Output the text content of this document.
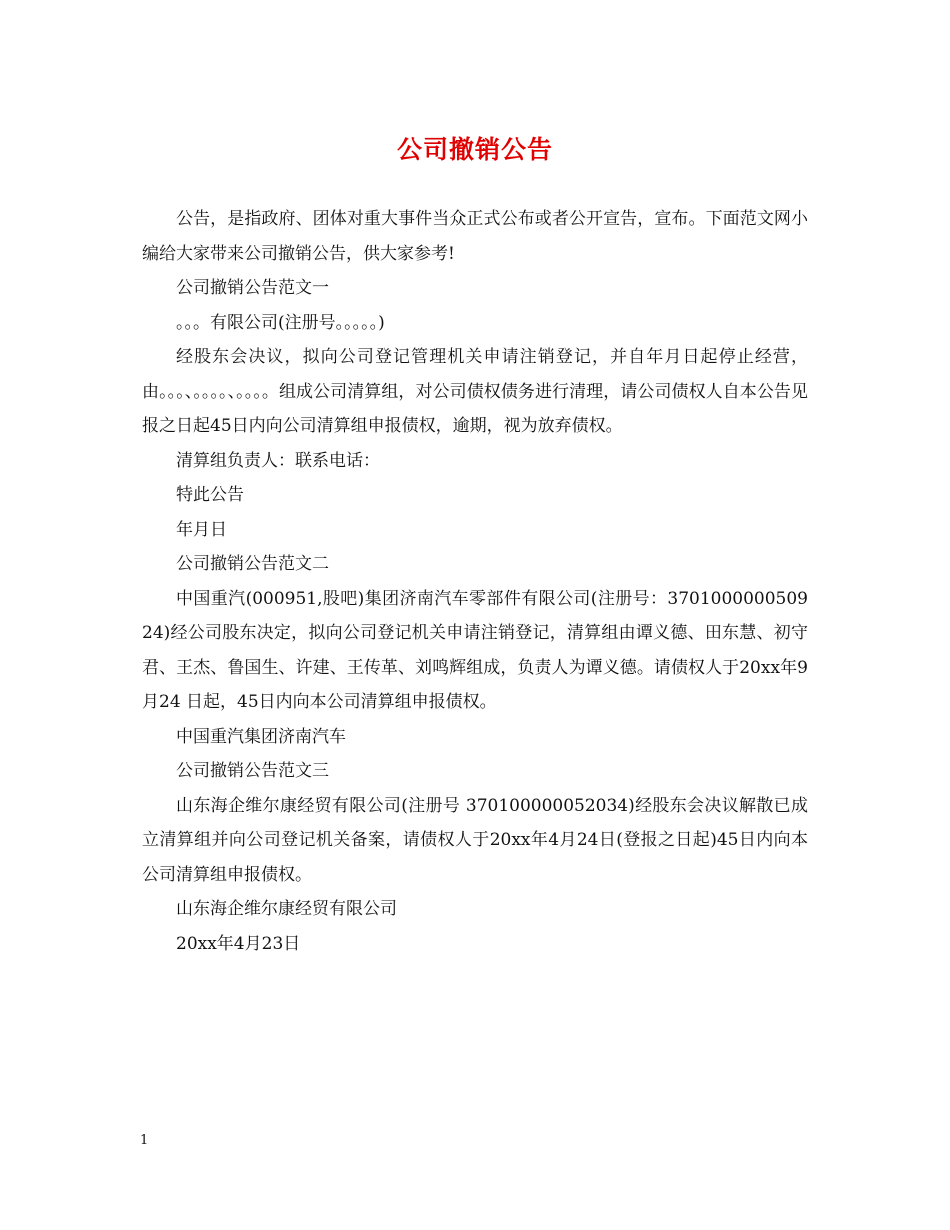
公司撤销公告

公告，是指政府、团体对重大事件当众正式公布或者公开宣告，宣布。下面范文网小编给大家带来公司撤销公告，供大家参考!

公司撤销公告范文一

。。。有限公司(注册号。。。。。)

经股东会决议，拟向公司登记管理机关申请注销登记，并自年月日起停止经营，由。。。、。。。。、。。。。组成公司清算组，对公司债权债务进行清理，请公司债权人自本公告见报之日起45日内向公司清算组申报债权，逾期，视为放弃债权。

清算组负责人：联系电话：

特此公告

年月日

公司撤销公告范文二

中国重汽(000951,股吧)集团济南汽车零部件有限公司(注册号：370100000050924)经公司股东决定，拟向公司登记机关申请注销登记，清算组由谭义德、田东慧、初守君、王杰、鲁国生、许建、王传革、刘鸣辉组成，负责人为谭义德。请债权人于20xx年9月24 日起，45日内向本公司清算组申报债权。

中国重汽集团济南汽车

公司撤销公告范文三

山东海企维尔康经贸有限公司(注册号 370100000052034)经股东会决议解散已成立清算组并向公司登记机关备案，请债权人于20xx年4月24日(登报之日起)45日内向本公司清算组申报债权。

山东海企维尔康经贸有限公司

20xx年4月23日

1
